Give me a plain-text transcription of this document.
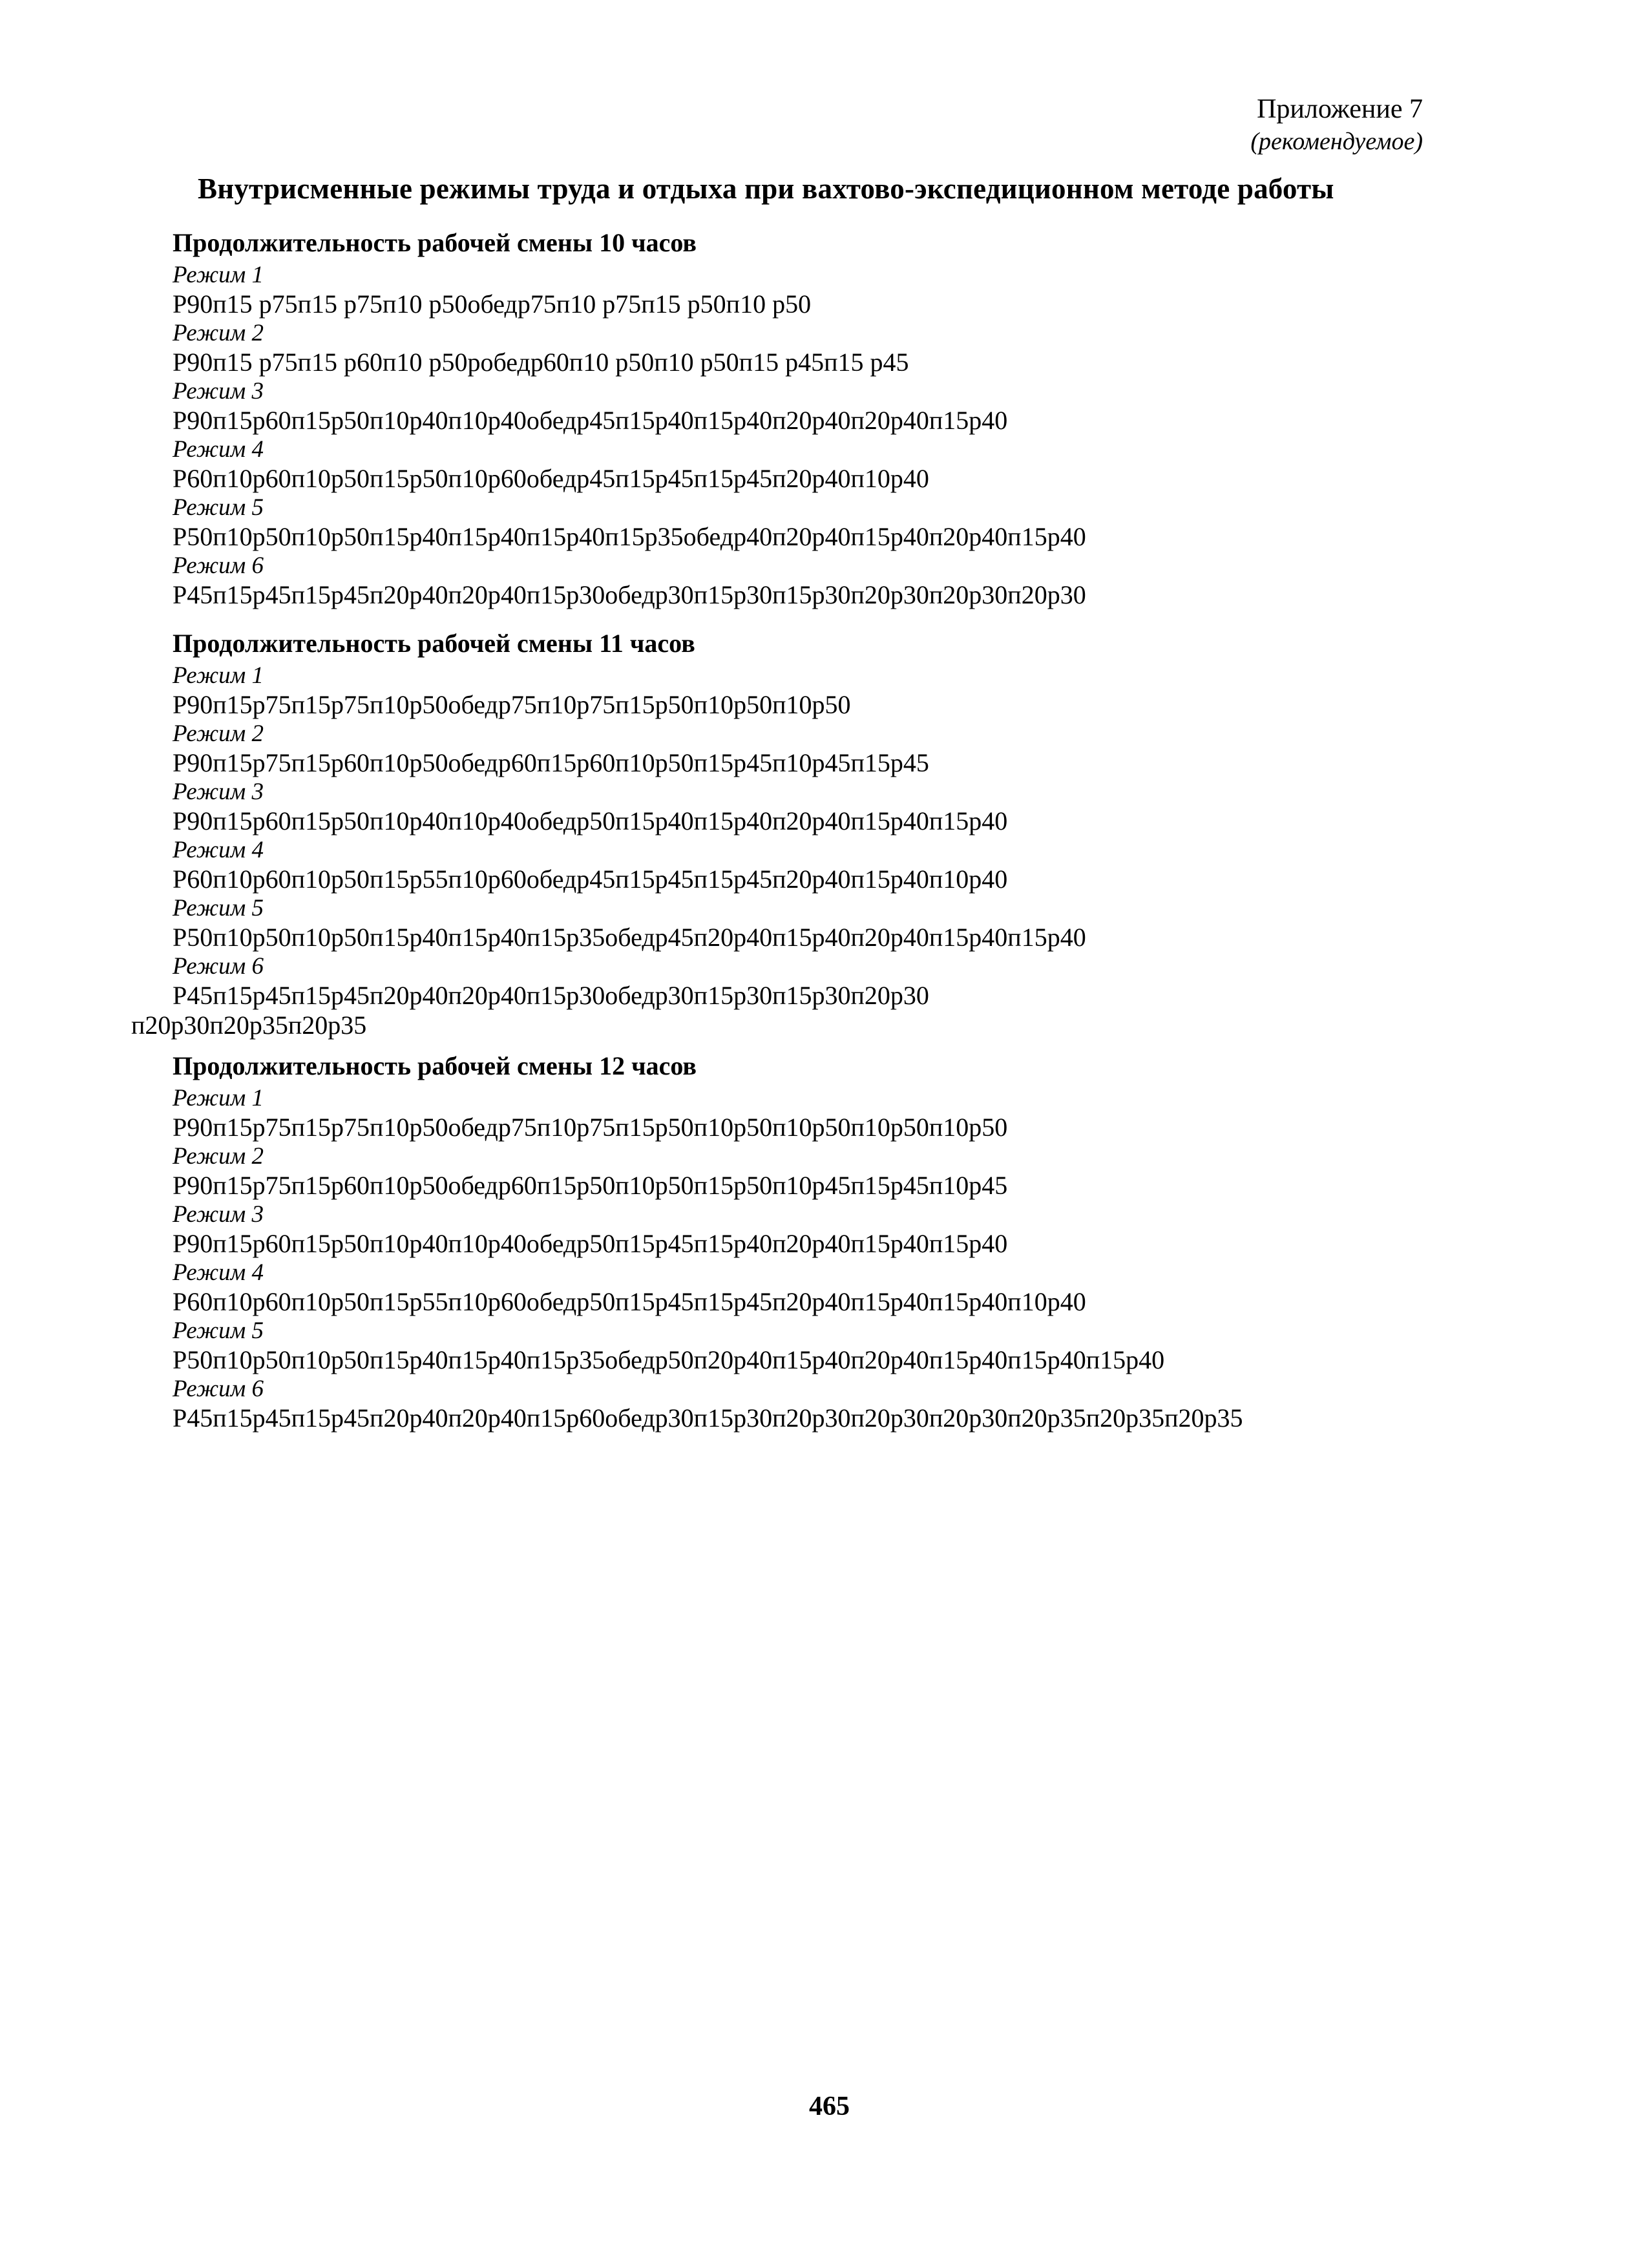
Приложение 7
(рекомендуемое)
Внутрисменные режимы труда и отдыха при вахтово-экспедиционном методе работы
Продолжительность рабочей смены 10 часов
Режим 1
Р90п15 р75п15 р75п10 р50обедр75п10 р75п15 р50п10 р50
Режим 2
Р90п15 р75п15 р60п10 р50робедр60п10 р50п10 р50п15 р45п15 р45
Режим 3
Р90п15р60п15р50п10р40п10р40обедр45п15р40п15р40п20р40п20р40п15р40
Режим 4
Р60п10р60п10р50п15р50п10р60обедр45п15р45п15р45п20р40п10р40
Режим 5
Р50п10р50п10р50п15р40п15р40п15р40п15р35обедр40п20р40п15р40п20р40п15р40
Режим 6
Р45п15р45п15р45п20р40п20р40п15р30обедр30п15р30п15р30п20р30п20р30п20р30
Продолжительность рабочей смены 11 часов
Режим 1
Р90п15р75п15р75п10р50обедр75п10р75п15р50п10р50п10р50
Режим 2
Р90п15р75п15р60п10р50обедр60п15р60п10р50п15р45п10р45п15р45
Режим 3
Р90п15р60п15р50п10р40п10р40обедр50п15р40п15р40п20р40п15р40п15р40
Режим 4
Р60п10р60п10р50п15р55п10р60обедр45п15р45п15р45п20р40п15р40п10р40
Режим 5
Р50п10р50п10р50п15р40п15р40п15р35обедр45п20р40п15р40п20р40п15р40п15р40
Режим 6
Р45п15р45п15р45п20р40п20р40п15р30обедр30п15р30п15р30п20р30
п20р30п20р35п20р35
Продолжительность рабочей смены 12 часов
Режим 1
Р90п15р75п15р75п10р50обедр75п10р75п15р50п10р50п10р50п10р50п10р50
Режим 2
Р90п15р75п15р60п10р50обедр60п15р50п10р50п15р50п10р45п15р45п10р45
Режим 3
Р90п15р60п15р50п10р40п10р40обедр50п15р45п15р40п20р40п15р40п15р40
Режим 4
Р60п10р60п10р50п15р55п10р60обедр50п15р45п15р45п20р40п15р40п15р40п10р40
Режим 5
Р50п10р50п10р50п15р40п15р40п15р35обедр50п20р40п15р40п20р40п15р40п15р40п15р40
Режим 6
Р45п15р45п15р45п20р40п20р40п15р60обедр30п15р30п20р30п20р30п20р30п20р35п20р35п20р35
465
